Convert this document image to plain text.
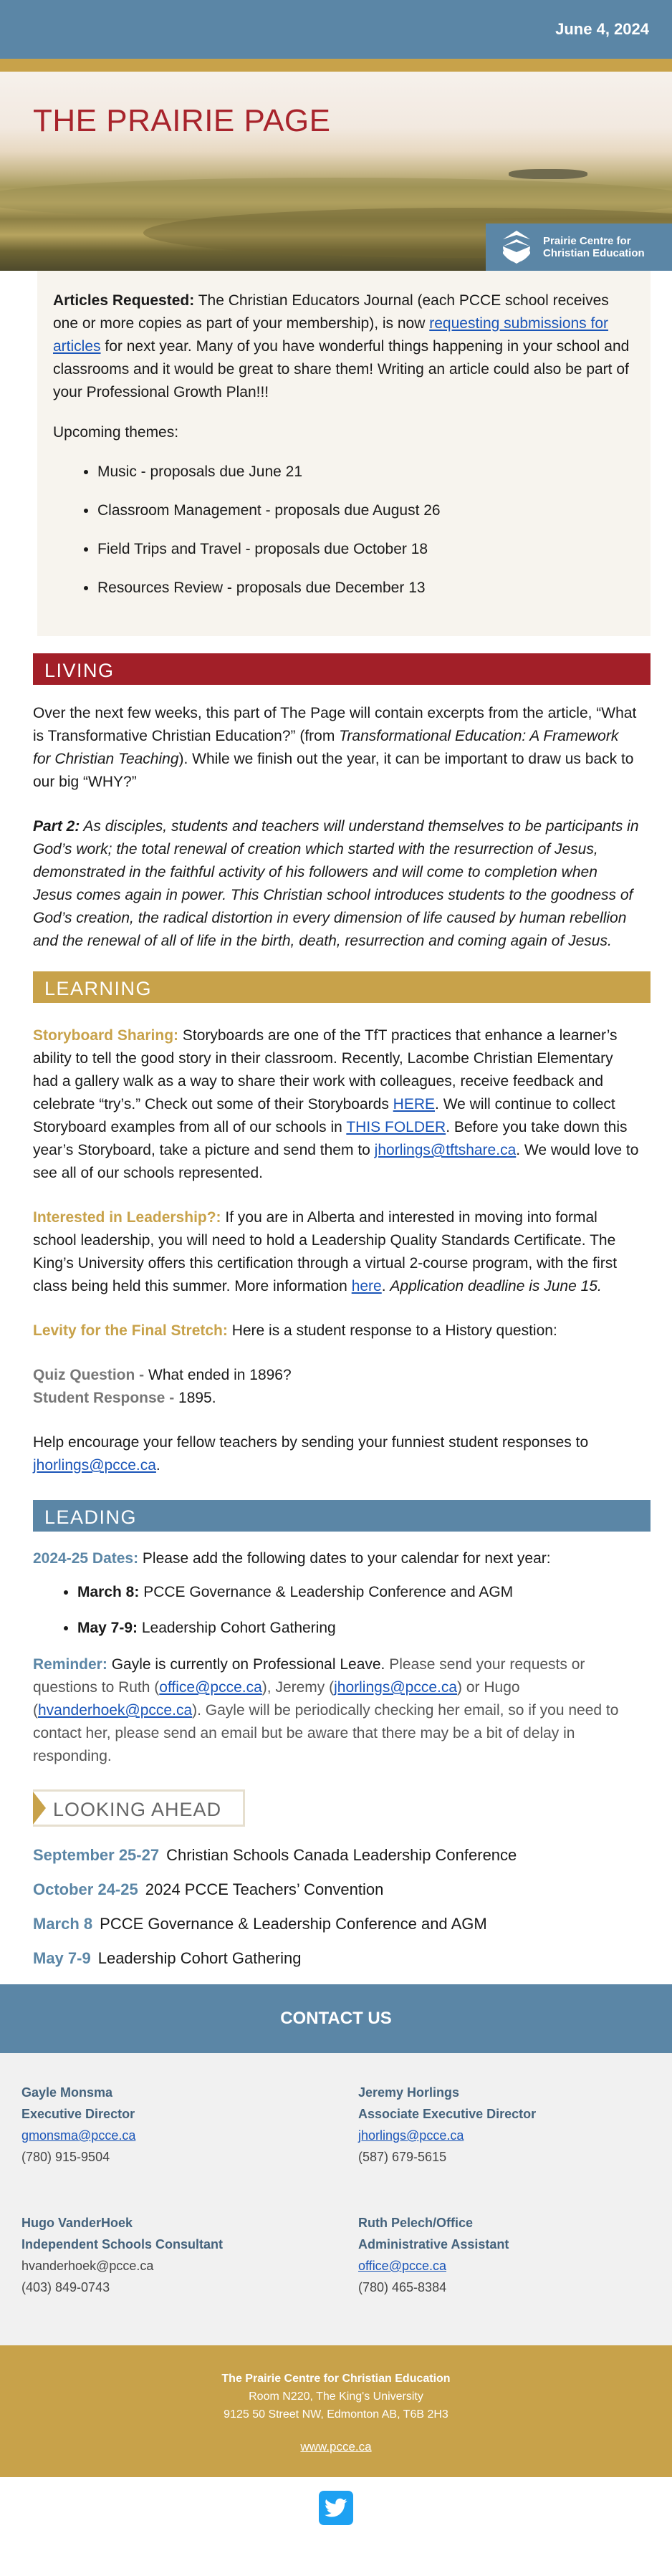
June 4, 2024
THE PRAIRIE PAGE
Prairie Centre for
Christian Education

Articles Requested: The Christian Educators Journal (each PCCE school receives one or more copies as part of your membership), is now requesting submissions for articles for next year. Many of you have wonderful things happening in your school and classrooms and it would be great to share them! Writing an article could also be part of your Professional Growth Plan!!!

Upcoming themes:

• Music - proposals due June 21
• Classroom Management - proposals due August 26
• Field Trips and Travel - proposals due October 18
• Resources Review - proposals due December 13
LIVING

Over the next few weeks, this part of The Page will contain excerpts from the article, “What is Transformative Christian Education?” (from Transformational Education: A Framework for Christian Teaching). While we finish out the year, it can be important to draw us back to our big “WHY?”

Part 2: As disciples, students and teachers will understand themselves to be participants in God’s work; the total renewal of creation which started with the resurrection of Jesus, demonstrated in the faithful activity of his followers and will come to completion when Jesus comes again in power. This Christian school introduces students to the goodness of God’s creation, the radical distortion in every dimension of life caused by human rebellion and the renewal of all of life in the birth, death, resurrection and coming again of Jesus.

LEARNING

Storyboard Sharing: Storyboards are one of the TfT practices that enhance a learner’s ability to tell the good story in their classroom. Recently, Lacombe Christian Elementary had a gallery walk as a way to share their work with colleagues, receive feedback and celebrate “try’s.” Check out some of their Storyboards HERE. We will continue to collect Storyboard examples from all of our schools in THIS FOLDER. Before you take down this year’s Storyboard, take a picture and send them to jhorlings@tftshare.ca. We would love to see all of our schools represented.

Interested in Leadership?: If you are in Alberta and interested in moving into formal school leadership, you will need to hold a Leadership Quality Standards Certificate. The King’s University offers this certification through a virtual 2-course program, with the first class being held this summer. More information here. Application deadline is June 15.

Levity for the Final Stretch: Here is a student response to a History question:

Quiz Question - What ended in 1896?

Student Response - 1895.

Help encourage your fellow teachers by sending your funniest student responses to jhorlings@pcce.ca.

LEADING

2024-25 Dates: Please add the following dates to your calendar for next year:

• March 8: PCCE Governance & Leadership Conference and AGM
• May 7-9: Leadership Cohort Gathering

Reminder: Gayle is currently on Professional Leave. Please send your requests or questions to Ruth (office@pcce.ca), Jeremy (jhorlings@pcce.ca) or Hugo (hvanderhoek@pcce.ca). Gayle will be periodically checking her email, so if you need to contact her, please send an email but be aware that there may be a bit of delay in responding.

LOOKING AHEAD
September 25-27 Christian Schools Canada Leadership Conference
October 24-25 2024 PCCE Teachers’ Convention
March 8 PCCE Governance & Leadership Conference and AGM
May 7-9 Leadership Cohort Gathering
CONTACT US
Gayle Monsma
Executive Director
gmonsma@pcce.ca
(780) 915-9504
Jeremy Horlings
Associate Executive Director
jhorlings@pcce.ca
(587) 679-5615
Hugo VanderHoek
Independent Schools Consultant
hvanderhoek@pcce.ca
(403) 849-0743
Ruth Pelech/Office
Administrative Assistant
office@pcce.ca
(780) 465-8384
The Prairie Centre for Christian Education
Room N220, The King's University
9125 50 Street NW, Edmonton AB, T6B 2H3
www.pcce.ca
